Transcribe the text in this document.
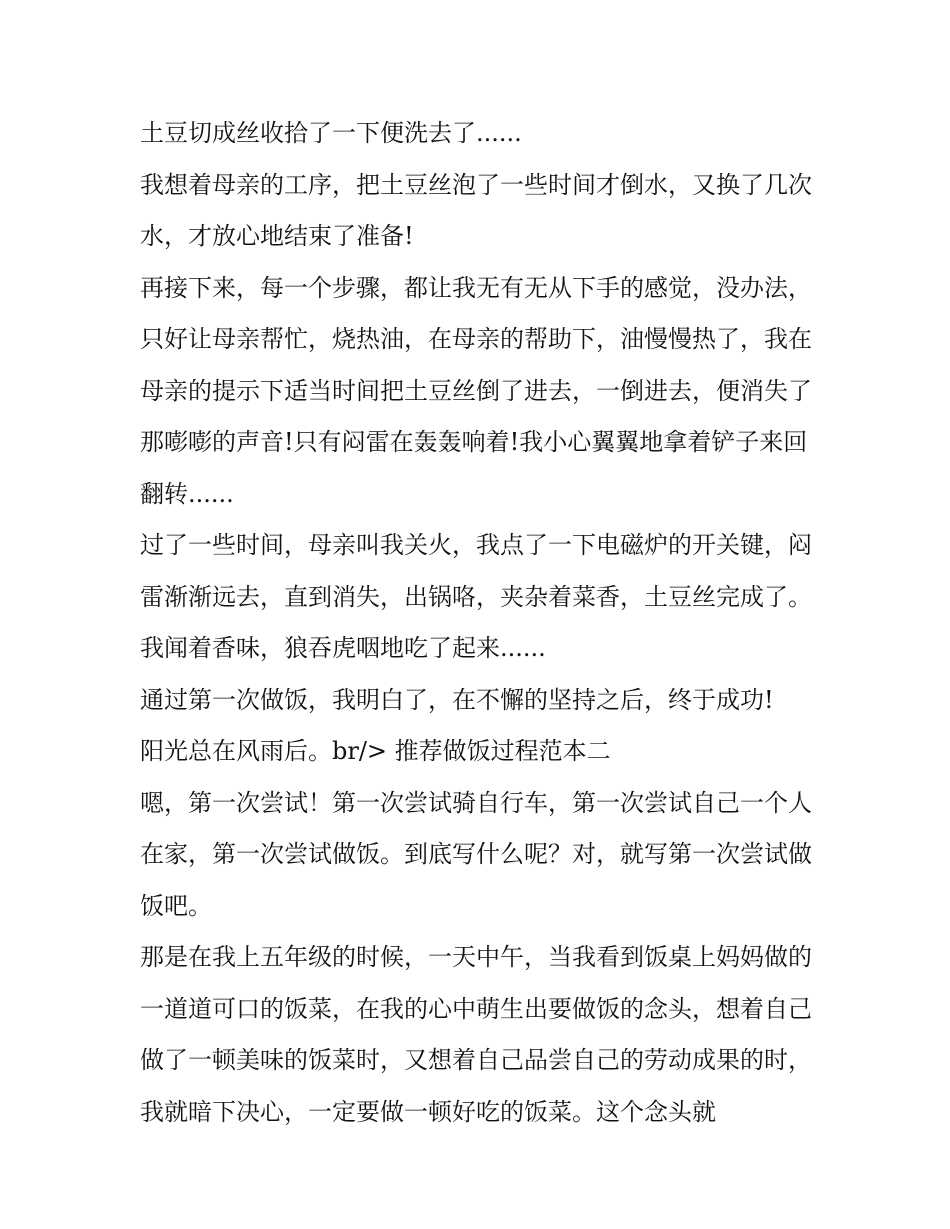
土豆切成丝收拾了一下便洗去了......

我想着母亲的工序，把土豆丝泡了一些时间才倒水，又换了几次水，才放心地结束了准备!

再接下来，每一个步骤，都让我无有无从下手的感觉，没办法，只好让母亲帮忙，烧热油，在母亲的帮助下，油慢慢热了，我在母亲的提示下适当时间把土豆丝倒了进去，一倒进去，便消失了那嘭嘭的声音!只有闷雷在轰轰响着!我小心翼翼地拿着铲子来回翻转......

过了一些时间，母亲叫我关火，我点了一下电磁炉的开关键，闷雷渐渐远去，直到消失，出锅咯，夹杂着菜香，土豆丝完成了。 我闻着香味，狼吞虎咽地吃了起来......

通过第一次做饭，我明白了，在不懈的坚持之后，终于成功!

阳光总在风雨后。br/> 推荐做饭过程范本二

嗯，第一次尝试！第一次尝试骑自行车，第一次尝试自己一个人在家，第一次尝试做饭。到底写什么呢？对，就写第一次尝试做饭吧。

那是在我上五年级的时候，一天中午，当我看到饭桌上妈妈做的一道道可口的饭菜，在我的心中萌生出要做饭的念头，想着自己做了一顿美味的饭菜时，又想着自己品尝自己的劳动成果的时，我就暗下决心，一定要做一顿好吃的饭菜。这个念头就
